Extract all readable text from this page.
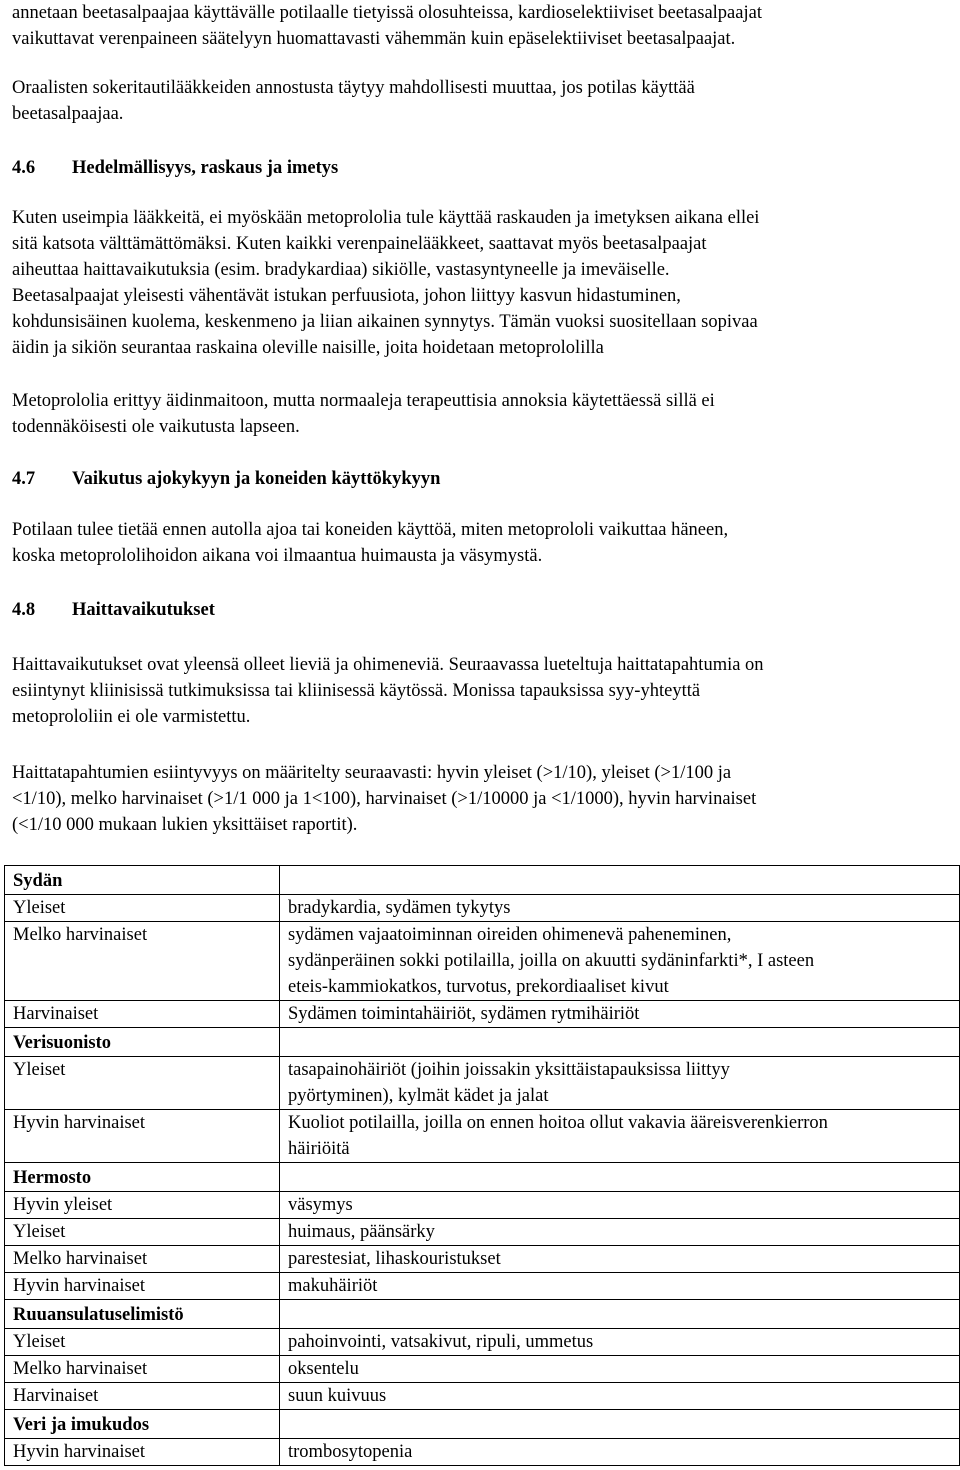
annetaan beetasalpaajaa käyttävälle potilaalle tietyissä olosuhteissa, kardioselektiiviset beetasalpaajat
vaikuttavat verenpaineen säätelyyn huomattavasti vähemmän kuin epäselektiiviset beetasalpaajat.

Oraalisten sokeritautilääkkeiden annostusta täytyy mahdollisesti muuttaa, jos potilas käyttää
beetasalpaajaa.

4.6 Hedelmällisyys, raskaus ja imetys

Kuten useimpia lääkkeitä, ei myöskään metoprololia tule käyttää raskauden ja imetyksen aikana ellei
sitä katsota välttämättömäksi. Kuten kaikki verenpainelääkkeet, saattavat myös beetasalpaajat
aiheuttaa haittavaikutuksia (esim. bradykardiaa) sikiölle, vastasyntyneelle ja imeväiselle.
Beetasalpaajat yleisesti vähentävät istukan perfuusiota, johon liittyy kasvun hidastuminen,
kohdunsisäinen kuolema, keskenmeno ja liian aikainen synnytys. Tämän vuoksi suositellaan sopivaa
äidin ja sikiön seurantaa raskaina oleville naisille, joita hoidetaan metoprololilla

Metoprololia erittyy äidinmaitoon, mutta normaaleja terapeuttisia annoksia käytettäessä sillä ei
todennäköisesti ole vaikutusta lapseen.

4.7 Vaikutus ajokykyyn ja koneiden käyttökykyyn

Potilaan tulee tietää ennen autolla ajoa tai koneiden käyttöä, miten metoprololi vaikuttaa häneen,
koska metoprololihoidon aikana voi ilmaantua huimausta ja väsymystä.

4.8 Haittavaikutukset

Haittavaikutukset ovat yleensä olleet lieviä ja ohimeneviä. Seuraavassa lueteltuja haittatapahtumia on
esiintynyt kliinisissä tutkimuksissa tai kliinisessä käytössä. Monissa tapauksissa syy-yhteyttä
metoprololiin ei ole varmistettu.

Haittatapahtumien esiintyvyys on määritelty seuraavasti: hyvin yleiset (>1/10), yleiset (>1/100 ja
<1/10), melko harvinaiset (>1/1 000 ja 1<100), harvinaiset (>1/10000 ja <1/1000), hyvin harvinaiset
(<1/10 000 mukaan lukien yksittäiset raportit).

Sydän	
Yleiset	bradykardia, sydämen tykytys

Melko harvinaiset	sydämen vajaatoiminnan oireiden ohimenevä paheneminen,
sydänperäinen sokki potilailla, joilla on akuutti sydäninfarkti*, I asteen
eteis-kammiokatkos, turvotus, prekordiaaliset kivut

Harvinaiset	Sydämen toimintahäiriöt, sydämen rytmihäiriöt

Verisuonisto	
Yleiset	tasapainohäiriöt (joihin joissakin yksittäistapauksissa liittyy
pyörtyminen), kylmät kädet ja jalat

Hyvin harvinaiset	Kuoliot potilailla, joilla on ennen hoitoa ollut vakavia ääreisverenkierron
häiriöitä

Hermosto	
Hyvin yleiset	väsymys

Yleiset	huimaus, päänsärky

Melko harvinaiset	parestesiat, lihaskouristukset

Hyvin harvinaiset	makuhäiriöt

Ruuansulatuselimistö	
Yleiset	pahoinvointi, vatsakivut, ripuli, ummetus

Melko harvinaiset	oksentelu

Harvinaiset	suun kuivuus

Veri ja imukudos	
Hyvin harvinaiset	trombosytopenia
